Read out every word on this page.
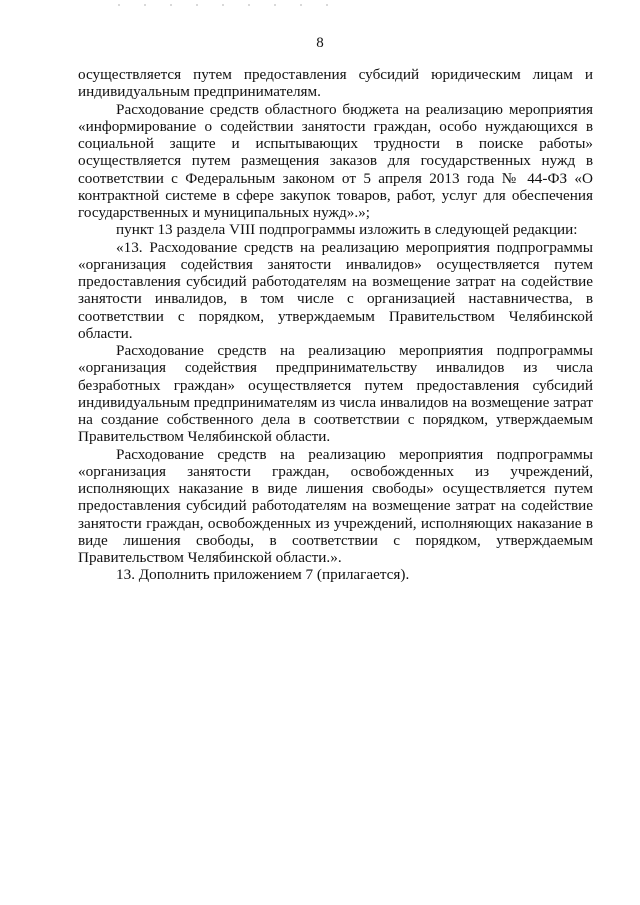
8

осуществляется путем предоставления субсидий юридическим лицам и индивидуальным предпринимателям.

Расходование средств областного бюджета на реализацию мероприятия «информирование о содействии занятости граждан, особо нуждающихся в социальной защите и испытывающих трудности в поиске работы» осуществляется путем размещения заказов для государственных нужд в соответствии с Федеральным законом от 5 апреля 2013 года № 44-ФЗ «О контрактной системе в сфере закупок товаров, работ, услуг для обеспечения государственных и муниципальных нужд».»;

пункт 13 раздела VIII подпрограммы изложить в следующей редакции:

«13. Расходование средств на реализацию мероприятия подпрограммы «организация содействия занятости инвалидов» осуществляется путем предоставления субсидий работодателям на возмещение затрат на содействие занятости инвалидов, в том числе с организацией наставничества, в соответствии с порядком, утверждаемым Правительством Челябинской области.

Расходование средств на реализацию мероприятия подпрограммы «организация содействия предпринимательству инвалидов из числа безработных граждан» осуществляется путем предоставления субсидий индивидуальным предпринимателям из числа инвалидов на возмещение затрат на создание собственного дела в соответствии с порядком, утверждаемым Правительством Челябинской области.

Расходование средств на реализацию мероприятия подпрограммы «организация занятости граждан, освобожденных из учреждений, исполняющих наказание в виде лишения свободы» осуществляется путем предоставления субсидий работодателям на возмещение затрат на содействие занятости граждан, освобожденных из учреждений, исполняющих наказание в виде лишения свободы, в соответствии с порядком, утверждаемым Правительством Челябинской области.».

13. Дополнить приложением 7 (прилагается).
